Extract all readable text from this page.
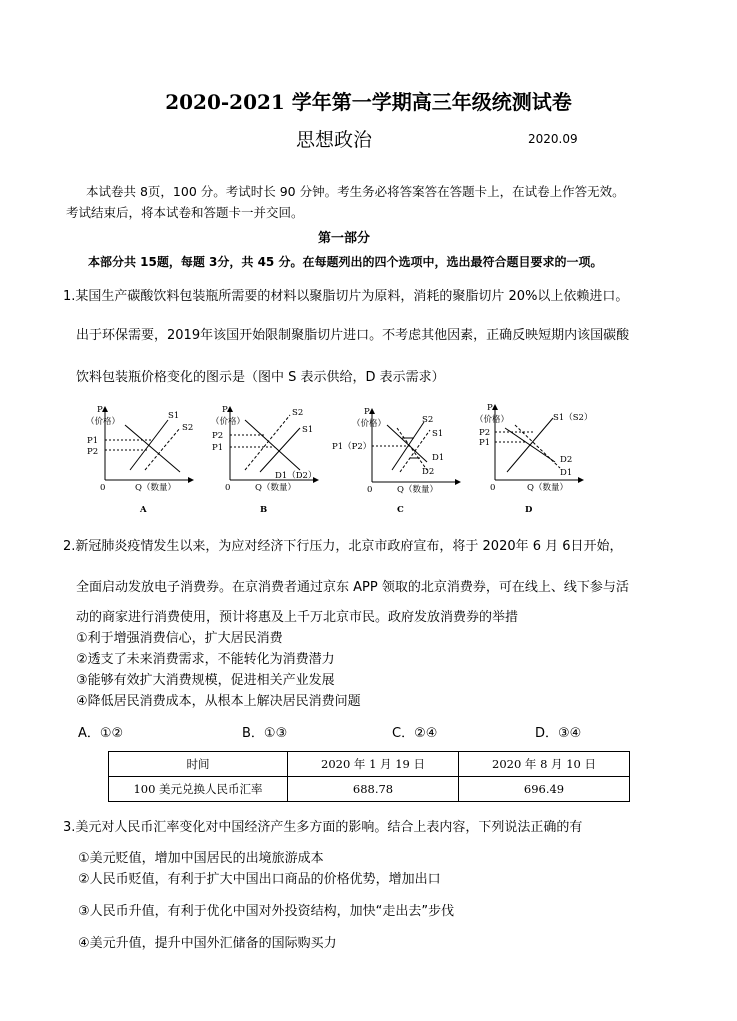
2020-2021 学年第一学期高三年级统测试卷
思想政治	2020.09
本试卷共 8页，100 分。考试时长 90 分钟。考生务必将答案答在答题卡上，在试卷上作答无效。
考试结束后，将本试卷和答题卡一并交回。
第一部分
本部分共 15题，每题 3分，共 45 分。在每题列出的四个选项中，选出最符合题目要求的一项。
1.某国生产碳酸饮料包装瓶所需要的材料以聚脂切片为原料，消耗的聚脂切片 20%以上依赖进口。
出于环保需要，2019年该国开始限制聚脂切片进口。不考虑其他因素，正确反映短期内该国碳酸
饮料包装瓶价格变化的图示是（图中 S 表示供给，D 表示需求）
P
（价格）
P1
P2
0	Q（数量）
S1
S2
A
P
（价格）
P2
P1
0	Q（数量）
S2
S1
D1（D2）
B
P
（价格）
P1（P2）
0	Q（数量）
S2
S1
D1
D2
C
P
（价格）
P2
P1
0	Q（数量）
S1（S2）
D2
D1
D
2.新冠肺炎疫情发生以来，为应对经济下行压力，北京市政府宣布，将于 2020年 6 月 6日开始，
全面启动发放电子消费券。在京消费者通过京东 APP 领取的北京消费券，可在线上、线下参与活
动的商家进行消费使用，预计将惠及上千万北京市民。政府发放消费券的举措
①利于增强消费信心，扩大居民消费
②透支了未来消费需求，不能转化为消费潜力
③能够有效扩大消费规模，促进相关产业发展
④降低居民消费成本，从根本上解决居民消费问题
A．①②	B．①③	C．②④	D．③④
时间	2020 年 1 月 19 日	2020 年 8 月 10 日
100 美元兑换人民币汇率	688.78	696.49
3.美元对人民币汇率变化对中国经济产生多方面的影响。结合上表内容，下列说法正确的有
①美元贬值，增加中国居民的出境旅游成本
②人民币贬值，有利于扩大中国出口商品的价格优势，增加出口
③人民币升值，有利于优化中国对外投资结构，加快“走出去”步伐
④美元升值，提升中国外汇储备的国际购买力
